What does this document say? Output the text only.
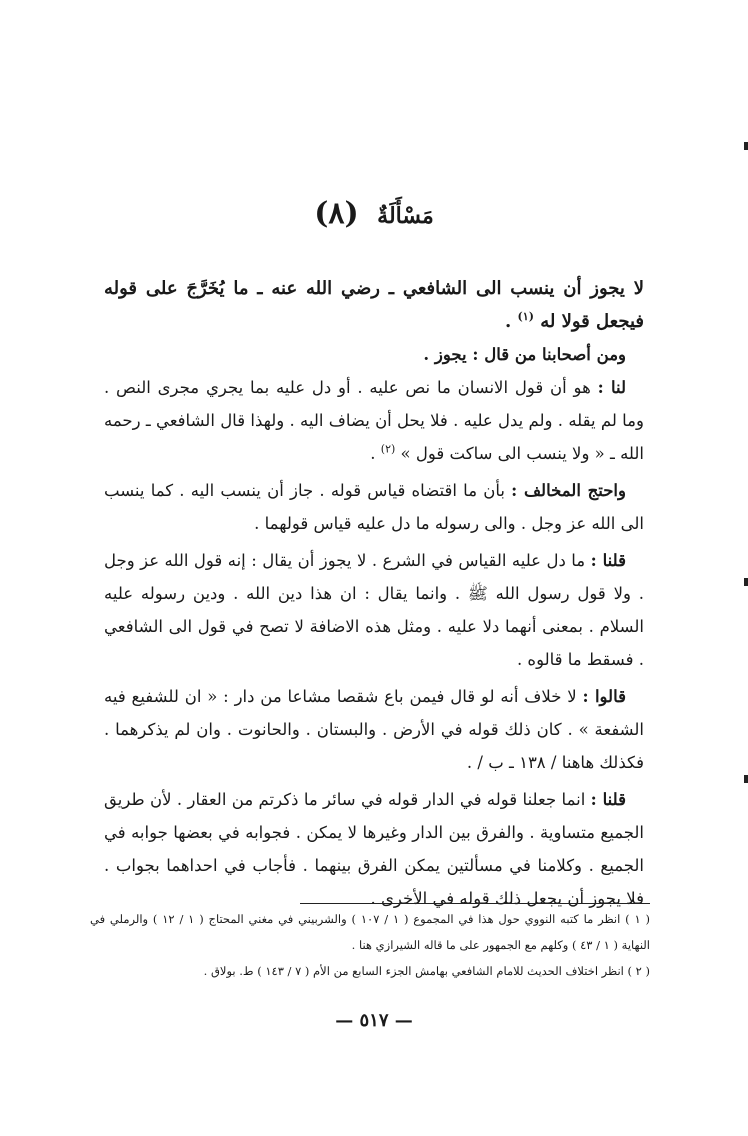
مَسْأَلَةٌ (٨)

لا يجوز أن ينسب الى الشافعي ـ رضي الله عنه ـ ما يُخَرَّجَ على قوله فيجعل قولا له $^{(١)}$ .

ومن أصحابنا من قال : يجوز .

لنا : هو أن قول الانسان ما نص عليه . أو دل عليه بما يجري مجرى النص . وما لم يقله . ولم يدل عليه . فلا يحل أن يضاف اليه . ولهذا قال الشافعي ـ رحمه الله ـ « ولا ينسب الى ساكت قول » $^{(٢)}$ .

واحتج المخالف : بأن ما اقتضاه قياس قوله . جاز أن ينسب اليه . كما ينسب الى الله عز وجل . والى رسوله ما دل عليه قياس قولهما .

قلنا : ما دل عليه القياس في الشرع . لا يجوز أن يقال : إنه قول الله عز وجل . ولا قول رسول الله ﷺ . وانما يقال : ان هذا دين الله . ودين رسوله عليه السلام . بمعنى أنهما دلا عليه . ومثل هذه الاضافة لا تصح في قول الى الشافعي . فسقط ما قالوه .

قالوا : لا خلاف أنه لو قال فيمن باع شقصا مشاعا من دار : « ان للشفيع فيه الشفعة » . كان ذلك قوله في الأرض . والبستان . والحانوت . وان لم يذكرهما . فكذلك هاهنا / ١٣٨ ـ ب / .

قلنا : انما جعلنا قوله في الدار قوله في سائر ما ذكرتم من العقار . لأن طريق الجميع متساوية . والفرق بين الدار وغيرها لا يمكن . فجوابه في بعضها جوابه في الجميع . وكلامنا في مسألتين يمكن الفرق بينهما . فأجاب في احداهما بجواب . فلا يجوز أن يجعل ذلك قوله في الأخرى .

( ١ ) انظر ما كتبه النووي حول هذا في المجموع ( ١ / ١٠٧ ) والشربيني في مغني المحتاج ( ١ / ١٢ ) والرملي في النهاية ( ١ / ٤٣ ) وكلهم مع الجمهور على ما قاله الشيرازي هنا .

( ٢ ) انظر اختلاف الحديث للامام الشافعي بهامش الجزء السابع من الأم ( ٧ / ١٤٣ ) ط. بولاق .

— ٥١٧ —
